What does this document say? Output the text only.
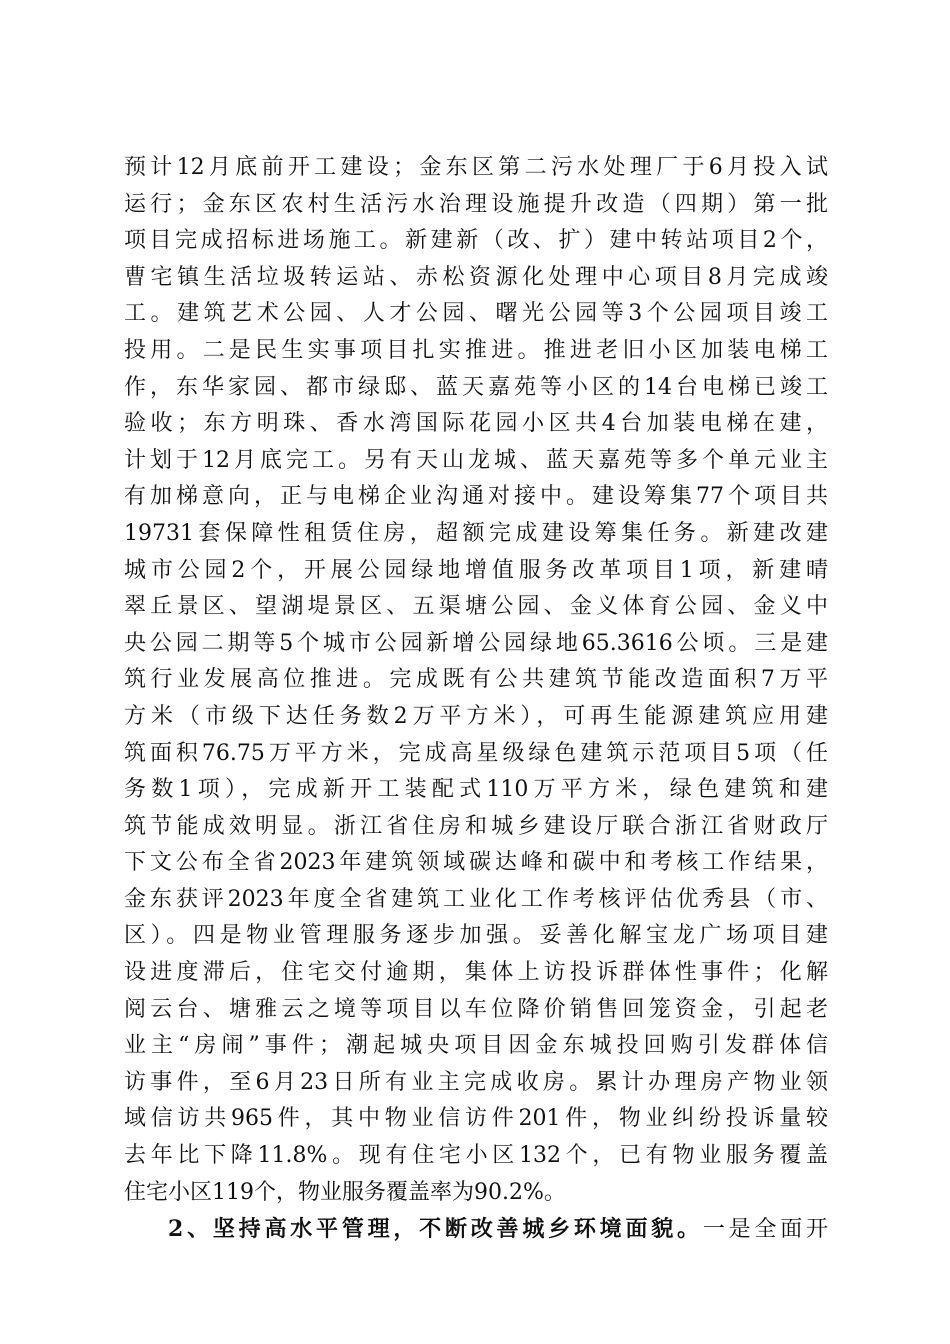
预计12月底前开工建设；金东区第二污水处理厂于6月投入试
运行；金东区农村生活污水治理设施提升改造（四期）第一批
项目完成招标进场施工。新建新（改、扩）建中转站项目2个，
曹宅镇生活垃圾转运站、赤松资源化处理中心项目8月完成竣
工。建筑艺术公园、人才公园、曙光公园等3个公园项目竣工
投用。二是民生实事项目扎实推进。推进老旧小区加装电梯工
作，东华家园、都市绿邸、蓝天嘉苑等小区的14台电梯已竣工
验收；东方明珠、香水湾国际花园小区共4台加装电梯在建，
计划于12月底完工。另有天山龙城、蓝天嘉苑等多个单元业主
有加梯意向，正与电梯企业沟通对接中。建设筹集77个项目共
19731套保障性租赁住房，超额完成建设筹集任务。新建改建
城市公园2个，开展公园绿地增值服务改革项目1项，新建晴
翠丘景区、望湖堤景区、五渠塘公园、金义体育公园、金义中
央公园二期等5个城市公园新增公园绿地65.3616公顷。三是建
筑行业发展高位推进。完成既有公共建筑节能改造面积7万平
方米（市级下达任务数2万平方米），可再生能源建筑应用建
筑面积76.75万平方米，完成高星级绿色建筑示范项目5项（任
务数1项），完成新开工装配式110万平方米，绿色建筑和建
筑节能成效明显。浙江省住房和城乡建设厅联合浙江省财政厅
下文公布全省2023年建筑领域碳达峰和碳中和考核工作结果，
金东获评2023年度全省建筑工业化工作考核评估优秀县（市、
区）。四是物业管理服务逐步加强。妥善化解宝龙广场项目建
设进度滞后，住宅交付逾期，集体上访投诉群体性事件；化解
阅云台、塘雅云之境等项目以车位降价销售回笼资金，引起老
业主“房闹”事件；潮起城央项目因金东城投回购引发群体信
访事件，至6月23日所有业主完成收房。累计办理房产物业领
域信访共965件，其中物业信访件201件，物业纠纷投诉量较
去年比下降11.8%。现有住宅小区132个，已有物业服务覆盖
住宅小区119个，物业服务覆盖率为90.2%。
2、坚持高水平管理，不断改善城乡环境面貌。一是全面开
